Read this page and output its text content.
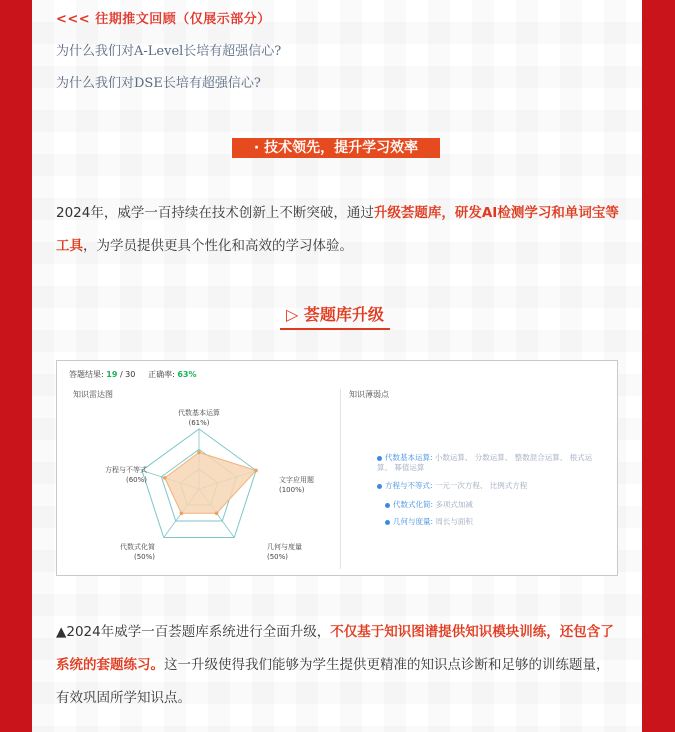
<<< 往期推文回顾（仅展示部分）
为什么我们对A-Level长培有超强信心?
为什么我们对DSE长培有超强信心?
· 技术领先，提升学习效率
2024年，威学一百持续在技术创新上不断突破，通过升级荟题库，研发AI检测学习和单词宝等工具，为学员提供更具个性化和高效的学习体验。
▷ 荟题库升级
答题结果: 19 / 30 正确率: 63%
知识雷达图	知识薄弱点
代数基本运算
(61%)
文字应用题
(100%)
几何与度量
(50%)
代数式化简
(50%)
方程与不等式
(60%)
代数基本运算: 小数运算、 分数运算、 整数混合运算、 根式运算、 幂值运算
方程与不等式: 一元一次方程、 比例式方程
代数式化简: 多项式加减
几何与度量: 周长与面积
▲2024年威学一百荟题库系统进行全面升级，不仅基于知识图谱提供知识模块训练，还包含了系统的套题练习。这一升级使得我们能够为学生提供更精准的知识点诊断和足够的训练题量，有效巩固所学知识点。
